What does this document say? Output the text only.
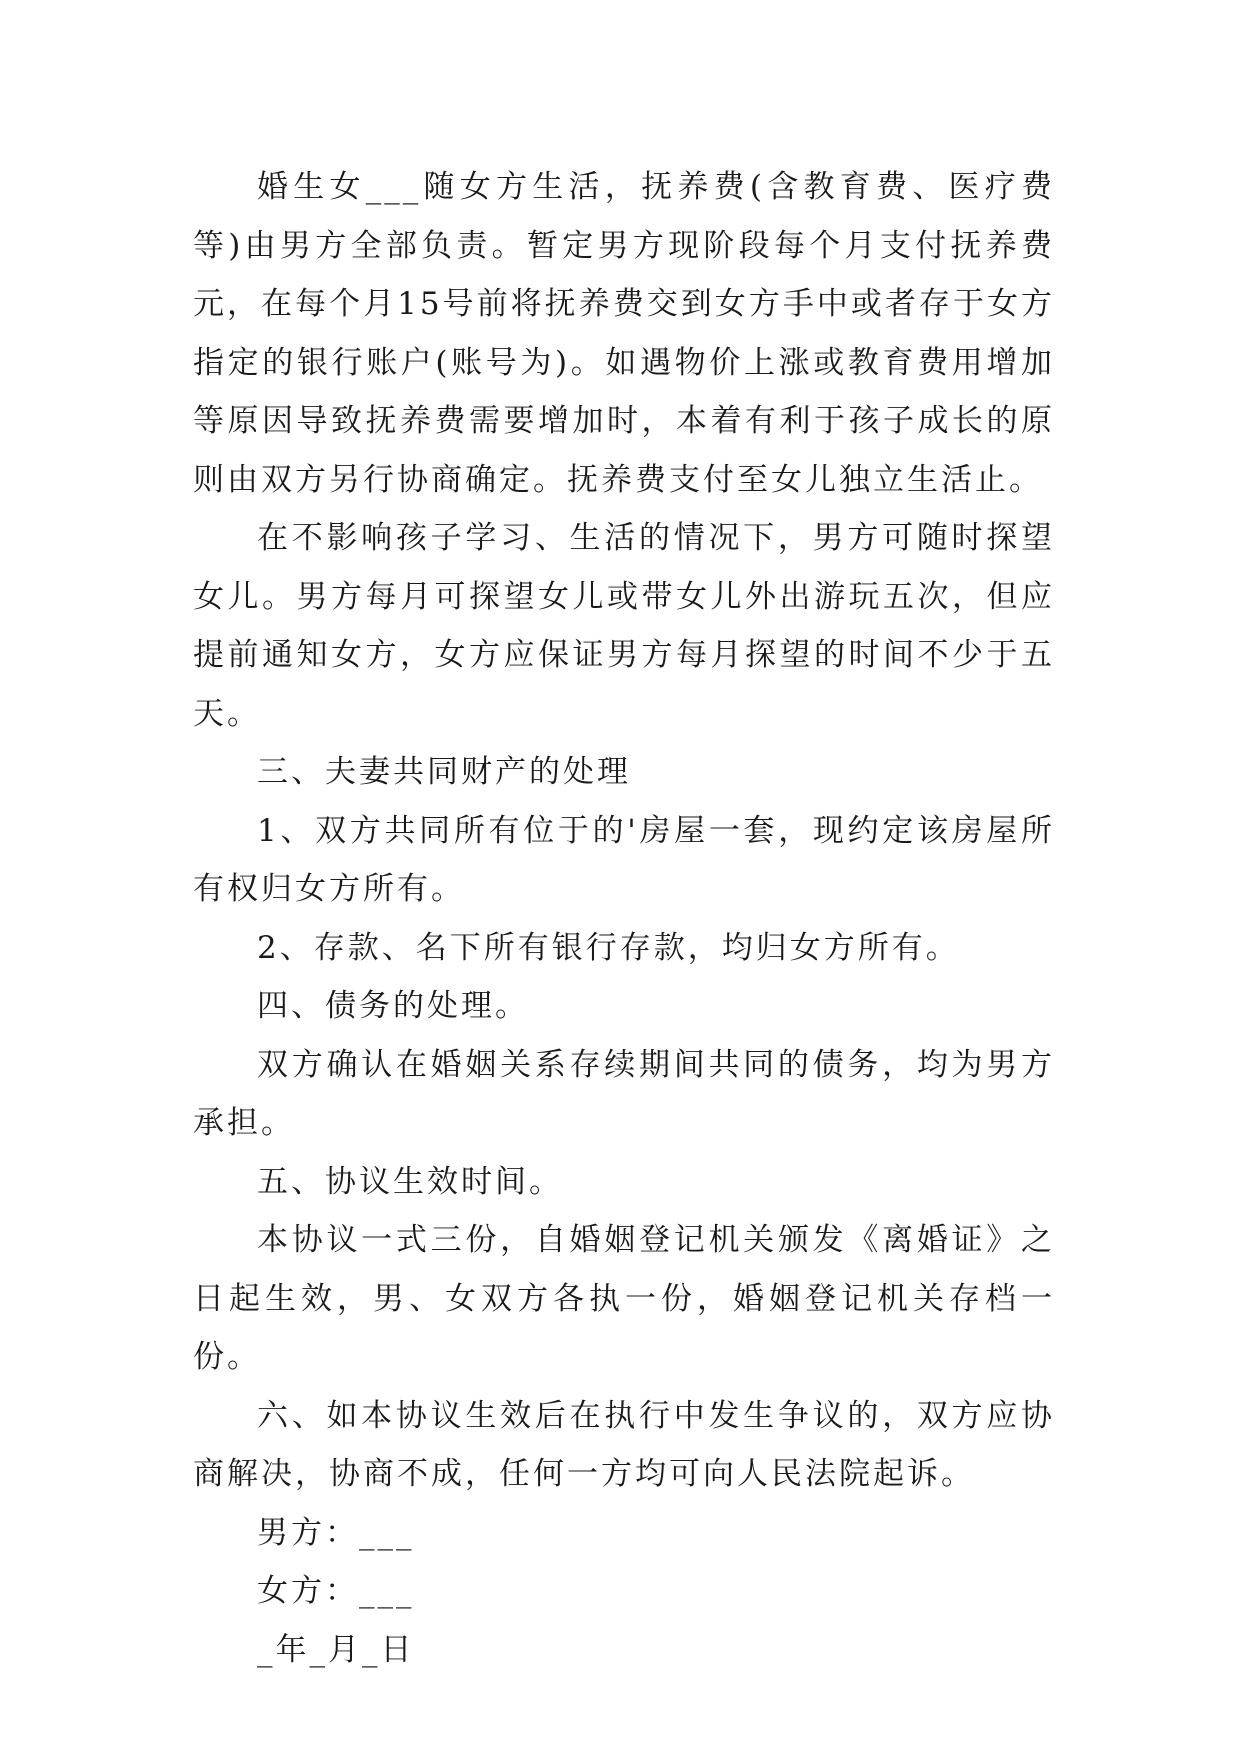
婚生女___随女方生活，抚养费(含教育费、医疗费等)由男方全部负责。暂定男方现阶段每个月支付抚养费元，在每个月15号前将抚养费交到女方手中或者存于女方指定的银行账户(账号为)。如遇物价上涨或教育费用增加等原因导致抚养费需要增加时，本着有利于孩子成长的原则由双方另行协商确定。抚养费支付至女儿独立生活止。

在不影响孩子学习、生活的情况下，男方可随时探望女儿。男方每月可探望女儿或带女儿外出游玩五次，但应提前通知女方，女方应保证男方每月探望的时间不少于五天。

三、夫妻共同财产的处理

1、双方共同所有位于的'房屋一套，现约定该房屋所有权归女方所有。

2、存款、名下所有银行存款，均归女方所有。

四、债务的处理。

双方确认在婚姻关系存续期间共同的债务，均为男方承担。

五、协议生效时间。

本协议一式三份，自婚姻登记机关颁发《离婚证》之日起生效，男、女双方各执一份，婚姻登记机关存档一份。

六、如本协议生效后在执行中发生争议的，双方应协商解决，协商不成，任何一方均可向人民法院起诉。

男方：___

女方：___

_年_月_日
